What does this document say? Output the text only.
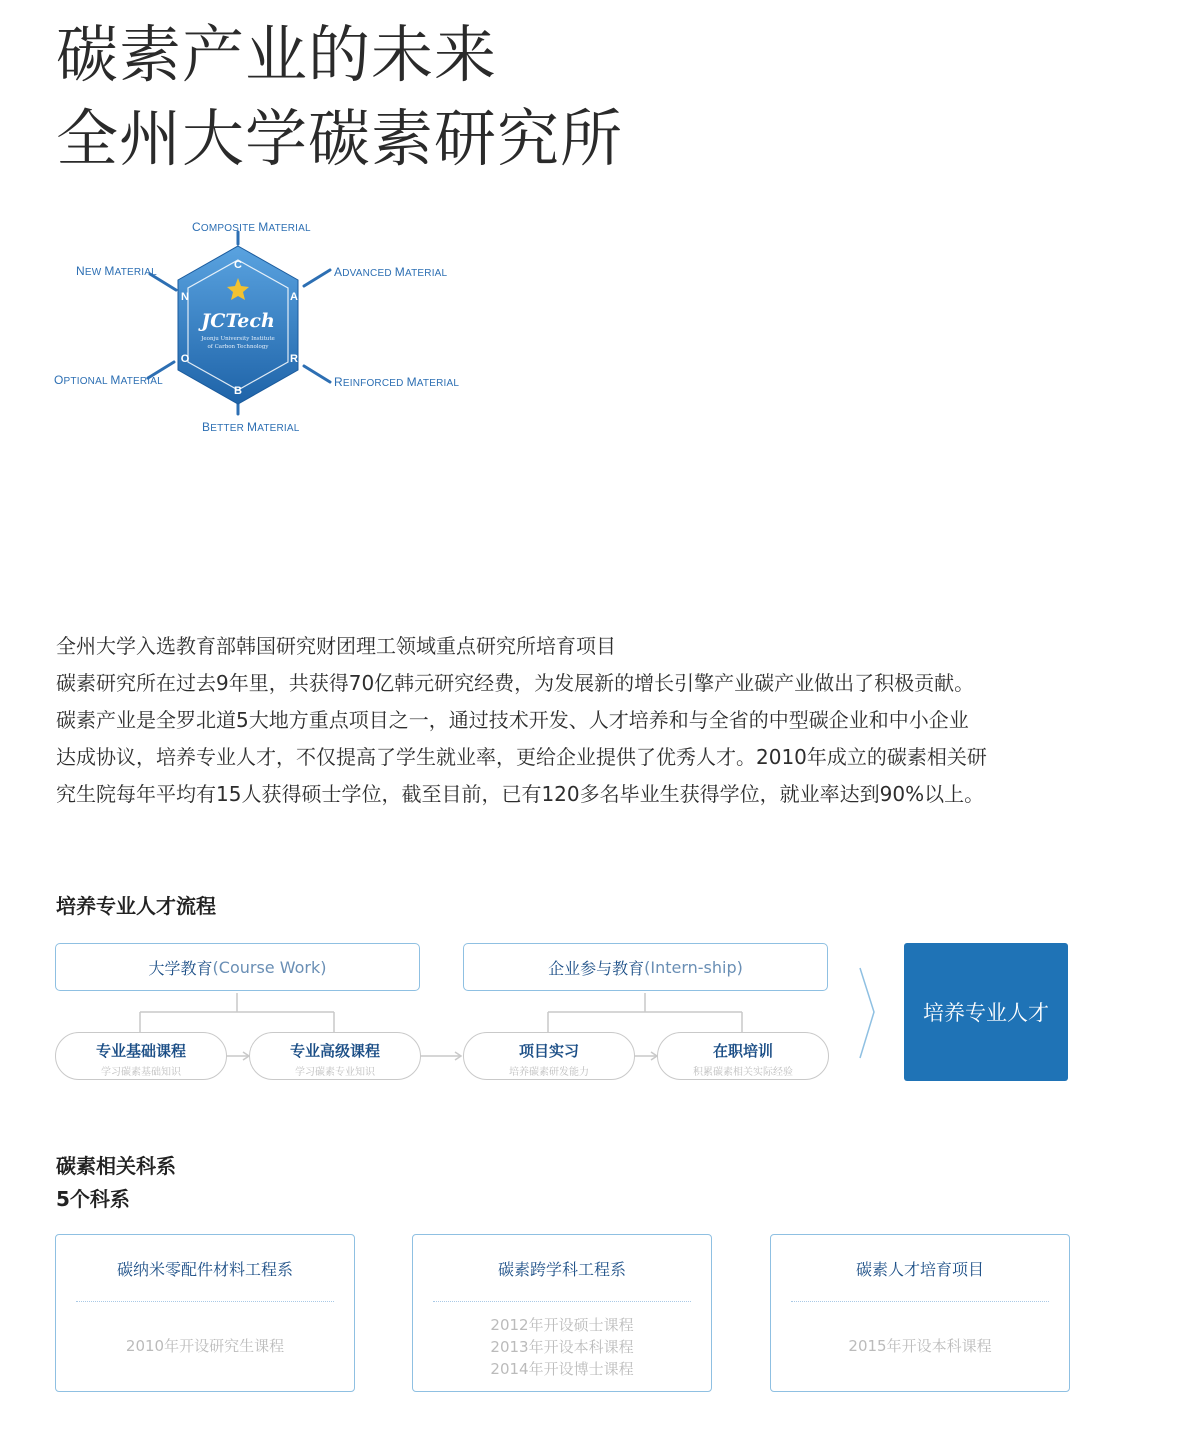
碳素产业的未来
全州大学碳素研究所
C
A
R
B
O
N
JCTech
Jeonju University Institute
of Carbon Technology
COMPOSITE MATERIAL
ADVANCED MATERIAL
REINFORCED MATERIAL
BETTER MATERIAL
OPTIONAL MATERIAL
NEW MATERIAL
全州大学入选教育部韩国研究财团理工领域重点研究所培育项目
碳素研究所在过去9年里，共获得70亿韩元研究经费，为发展新的增长引擎产业碳产业做出了积极贡献。
碳素产业是全罗北道5大地方重点项目之一，通过技术开发、人才培养和与全省的中型碳企业和中小企业
达成协议，培养专业人才，不仅提高了学生就业率，更给企业提供了优秀人才。2010年成立的碳素相关研
究生院每年平均有15人获得硕士学位，截至目前，已有120多名毕业生获得学位，就业率达到90%以上。
培养专业人才流程
大学教育 (Course Work)	企业参与教育 (Intern-ship)
专业基础课程
学习碳素基础知识
专业高级课程
学习碳素专业知识
项目实习
培养碳素研发能力
在职培训
积累碳素相关实际经验
培养专业人才
碳素相关科系
5个科系
碳纳米零配件材料工程系
2010年开设研究生课程
碳素跨学科工程系
2012年开设硕士课程
2013年开设本科课程
2014年开设博士课程
碳素人才培育项目
2015年开设本科课程
